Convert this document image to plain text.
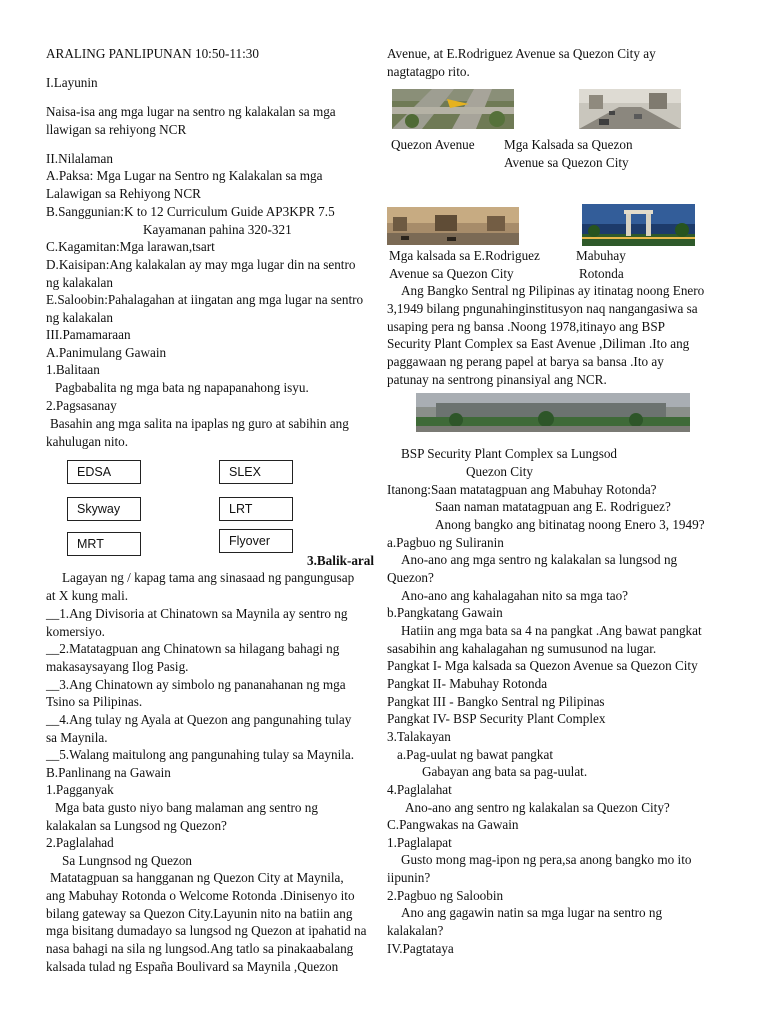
ARALING PANLIPUNAN 10:50-11:30
I.Layunin
Naisa-isa ang mga lugar na sentro ng kalakalan sa mga
llawigan sa rehiyong NCR
II.Nilalaman
A.Paksa: Mga Lugar na Sentro ng Kalakalan sa mga
Lalawigan sa Rehiyong NCR
B.Sanggunian:K to 12 Curriculum Guide AP3KPR 7.5
Kayamanan pahina 320-321
C.Kagamitan:Mga larawan,tsart
D.Kaisipan:Ang kalakalan ay may mga lugar din na sentro
ng kalakalan
E.Saloobin:Pahalagahan at iingatan ang mga lugar na sentro
ng kalakalan
III.Pamamaraan
A.Panimulang Gawain
1.Balitaan
Pagbabalita ng mga bata ng napapanahong isyu.
2.Pagsasanay
Basahin ang mga salita na ipaplas ng guro at sabihin ang
kahulugan nito.
EDSA	SLEX
Skyway	LRT
MRT	Flyover
3.Balik-aral
Lagayan ng / kapag tama ang sinasaad ng pangungusap
at X kung mali.
__1.Ang Divisoria at Chinatown sa Maynila ay sentro ng
komersiyo.
__2.Matatagpuan ang Chinatown sa hilagang bahagi ng
makasaysayang Ilog Pasig.
__3.Ang Chinatown ay simbolo ng pananahanan ng mga
Tsino sa Pilipinas.
__4.Ang tulay ng Ayala at Quezon ang pangunahing tulay
sa Maynila.
__5.Walang maitulong ang pangunahing tulay sa Maynila.
B.Panlinang na Gawain
1.Pagganyak
Mga bata gusto niyo bang malaman ang sentro ng
kalakalan sa Lungsod ng Quezon?
2.Paglalahad
Sa Lungnsod ng Quezon
Matatagpuan sa hangganan ng Quezon City at Maynila,
ang Mabuhay Rotonda o Welcome Rotonda .Dinisenyo ito
bilang gateway sa Quezon City.Layunin nito na batiin ang
mga bisitang dumadayo sa lungsod ng Quezon at ipahatid na
nasa bahagi na sila ng lungsod.Ang tatlo sa pinakaabalang
kalsada tulad ng España Boulivard sa Maynila ,Quezon
Avenue, at E.Rodriguez Avenue sa Quezon City ay
nagtatagpo rito.
Quezon Avenue Mga Kalsada sa Quezon
Avenue sa Quezon City
Mga kalsada sa E.Rodriguez
Avenue sa Quezon City
Mabuhay
Rotonda
Ang Bangko Sentral ng Pilipinas ay itinatag noong Enero
3,1949 bilang pngunahinginstitusyon naq nangangasiwa sa
usaping pera ng bansa .Noong 1978,itinayo ang BSP
Security Plant Complex sa East Avenue ,Diliman .Ito ang
paggawaan ng perang papel at barya sa bansa .Ito ay
patunay na sentrong pinansiyal ang NCR.
BSP Security Plant Complex sa Lungsod
Quezon City
Itanong:Saan matatagpuan ang Mabuhay Rotonda?
Saan naman matatagpuan ang E. Rodriguez?
Anong bangko ang bitinatag noong Enero 3, 1949?
a.Pagbuo ng Suliranin
Ano-ano ang mga sentro ng kalakalan sa lungsod ng
Quezon?
Ano-ano ang kahalagahan nito sa mga tao?
b.Pangkatang Gawain
Hatiin ang mga bata sa 4 na pangkat .Ang bawat pangkat
sasabihin ang kahalagahan ng sumusunod na lugar.
Pangkat I- Mga kalsada sa Quezon Avenue sa Quezon City
Pangkat II- Mabuhay Rotonda
Pangkat III - Bangko Sentral ng Pilipinas
Pangkat IV- BSP Security Plant Complex
3.Talakayan
a.Pag-uulat ng bawat pangkat
Gabayan ang bata sa pag-uulat.
4.Paglalahat
Ano-ano ang sentro ng kalakalan sa Quezon City?
C.Pangwakas na Gawain
1.Paglalapat
Gusto mong mag-ipon ng pera,sa anong bangko mo ito
iipunin?
2.Pagbuo ng Saloobin
Ano ang gagawin natin sa mga lugar na sentro ng
kalakalan?
IV.Pagtataya
